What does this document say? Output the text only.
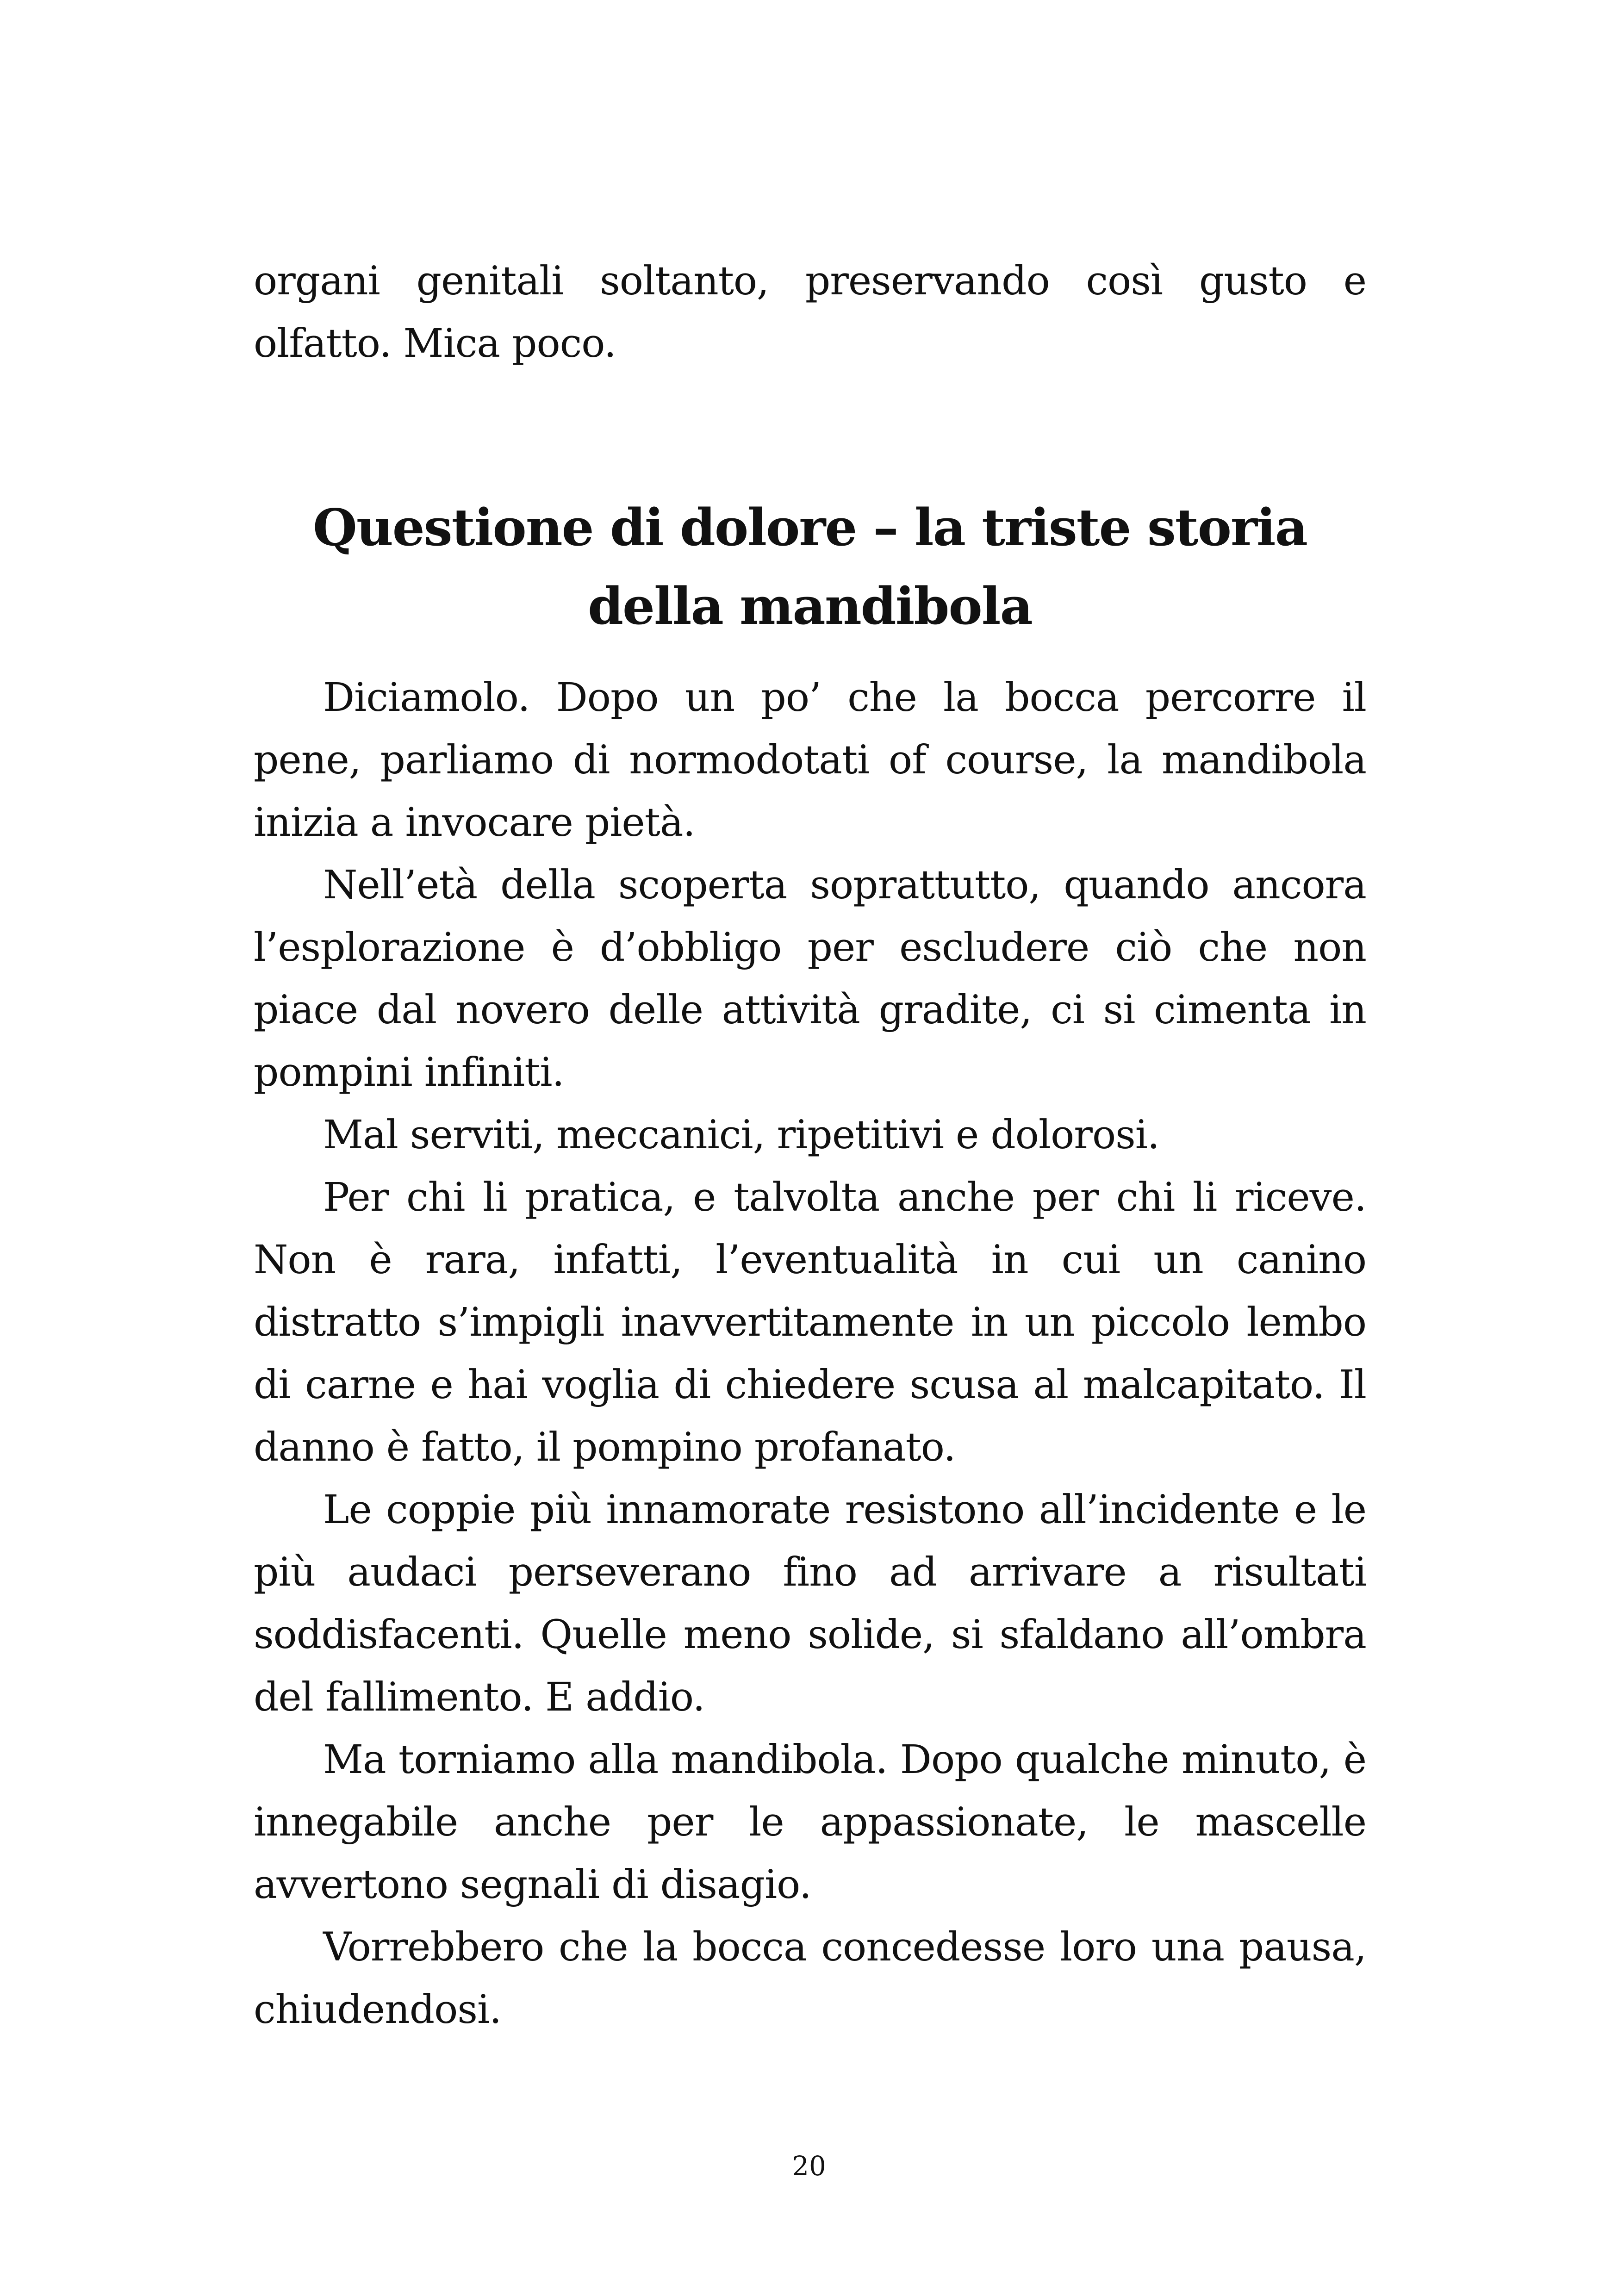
organi genitali soltanto, preservando così gusto e olfatto. Mica poco.

Questione di dolore – la triste storia
della mandibola

Diciamolo. Dopo un po’ che la bocca percorre il pene, parliamo di normodotati of course, la mandibola inizia a invocare pietà.

Nell’età della scoperta soprattutto, quando ancora l’esplorazione è d’obbligo per escludere ciò che non piace dal novero delle attività gradite, ci si cimenta in pompini infiniti.

Mal serviti, meccanici, ripetitivi e dolorosi.

Per chi li pratica, e talvolta anche per chi li riceve. Non è rara, infatti, l’eventualità in cui un canino distratto s’impigli inavvertitamente in un piccolo lembo di carne e hai voglia di chiedere scusa al malcapitato. Il danno è fatto, il pompino profanato.

Le coppie più innamorate resistono all’incidente e le più audaci perseverano fino ad arrivare a risultati soddisfacenti. Quelle meno solide, si sfaldano all’ombra del fallimento. E addio.

Ma torniamo alla mandibola. Dopo qualche minuto, è innegabile anche per le appassionate, le mascelle avvertono segnali di disagio.

Vorrebbero che la bocca concedesse loro una pausa, chiudendosi.

20
